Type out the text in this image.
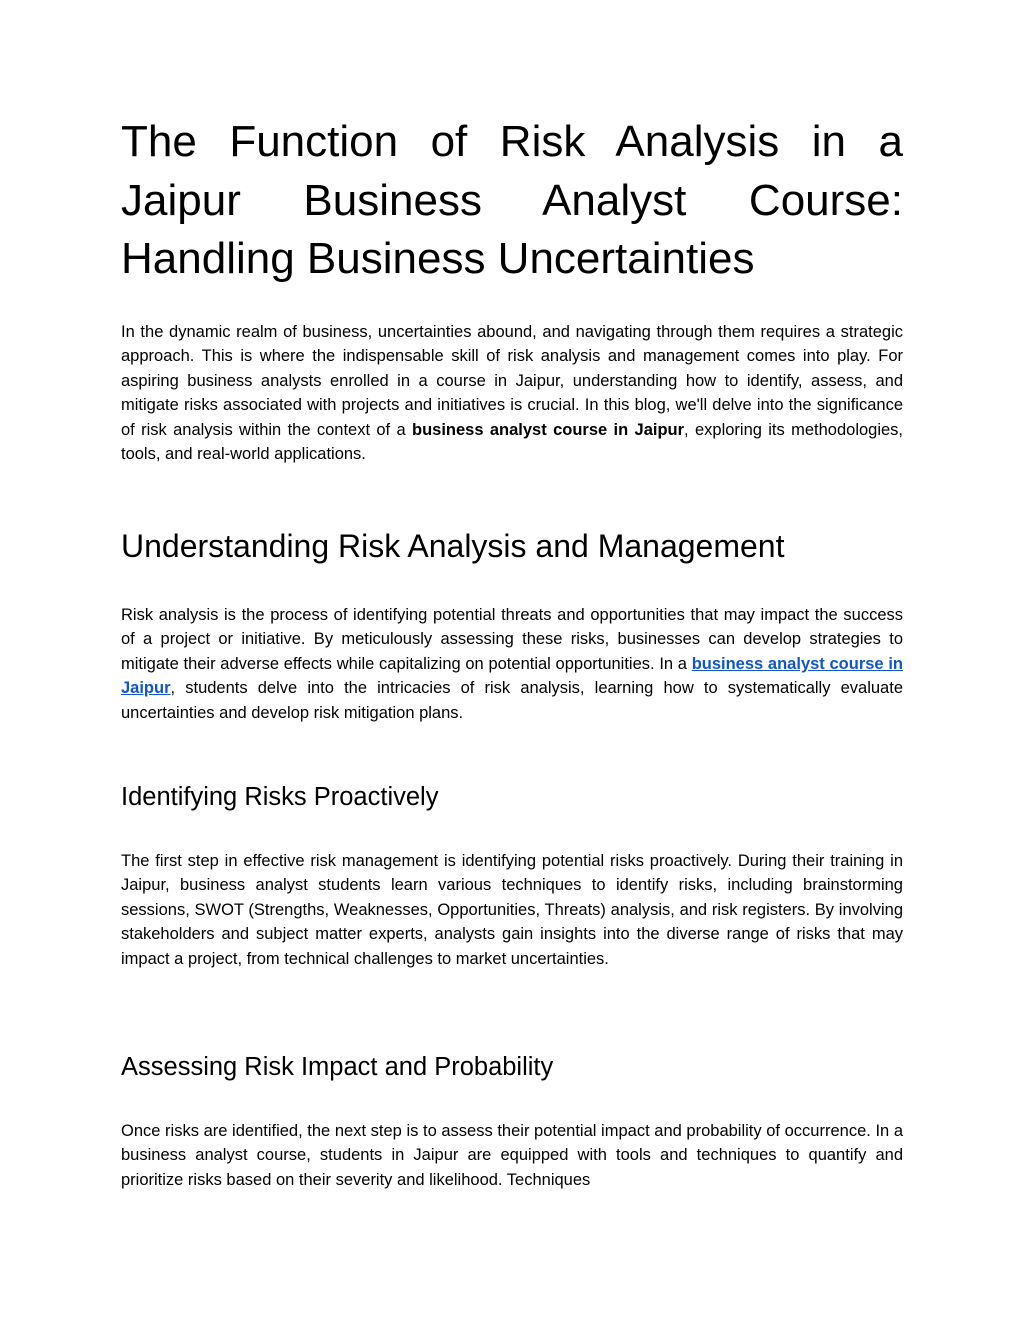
The Function of Risk Analysis in a Jaipur Business Analyst Course: Handling Business Uncertainties

In the dynamic realm of business, uncertainties abound, and navigating through them requires a strategic approach. This is where the indispensable skill of risk analysis and management comes into play. For aspiring business analysts enrolled in a course in Jaipur, understanding how to identify, assess, and mitigate risks associated with projects and initiatives is crucial. In this blog, we'll delve into the significance of risk analysis within the context of a business analyst course in Jaipur, exploring its methodologies, tools, and real-world applications.

Understanding Risk Analysis and Management

Risk analysis is the process of identifying potential threats and opportunities that may impact the success of a project or initiative. By meticulously assessing these risks, businesses can develop strategies to mitigate their adverse effects while capitalizing on potential opportunities. In a business analyst course in Jaipur, students delve into the intricacies of risk analysis, learning how to systematically evaluate uncertainties and develop risk mitigation plans.

Identifying Risks Proactively

The first step in effective risk management is identifying potential risks proactively. During their training in Jaipur, business analyst students learn various techniques to identify risks, including brainstorming sessions, SWOT (Strengths, Weaknesses, Opportunities, Threats) analysis, and risk registers. By involving stakeholders and subject matter experts, analysts gain insights into the diverse range of risks that may impact a project, from technical challenges to market uncertainties.

Assessing Risk Impact and Probability

Once risks are identified, the next step is to assess their potential impact and probability of occurrence. In a business analyst course, students in Jaipur are equipped with tools and techniques to quantify and prioritize risks based on their severity and likelihood. Techniques
